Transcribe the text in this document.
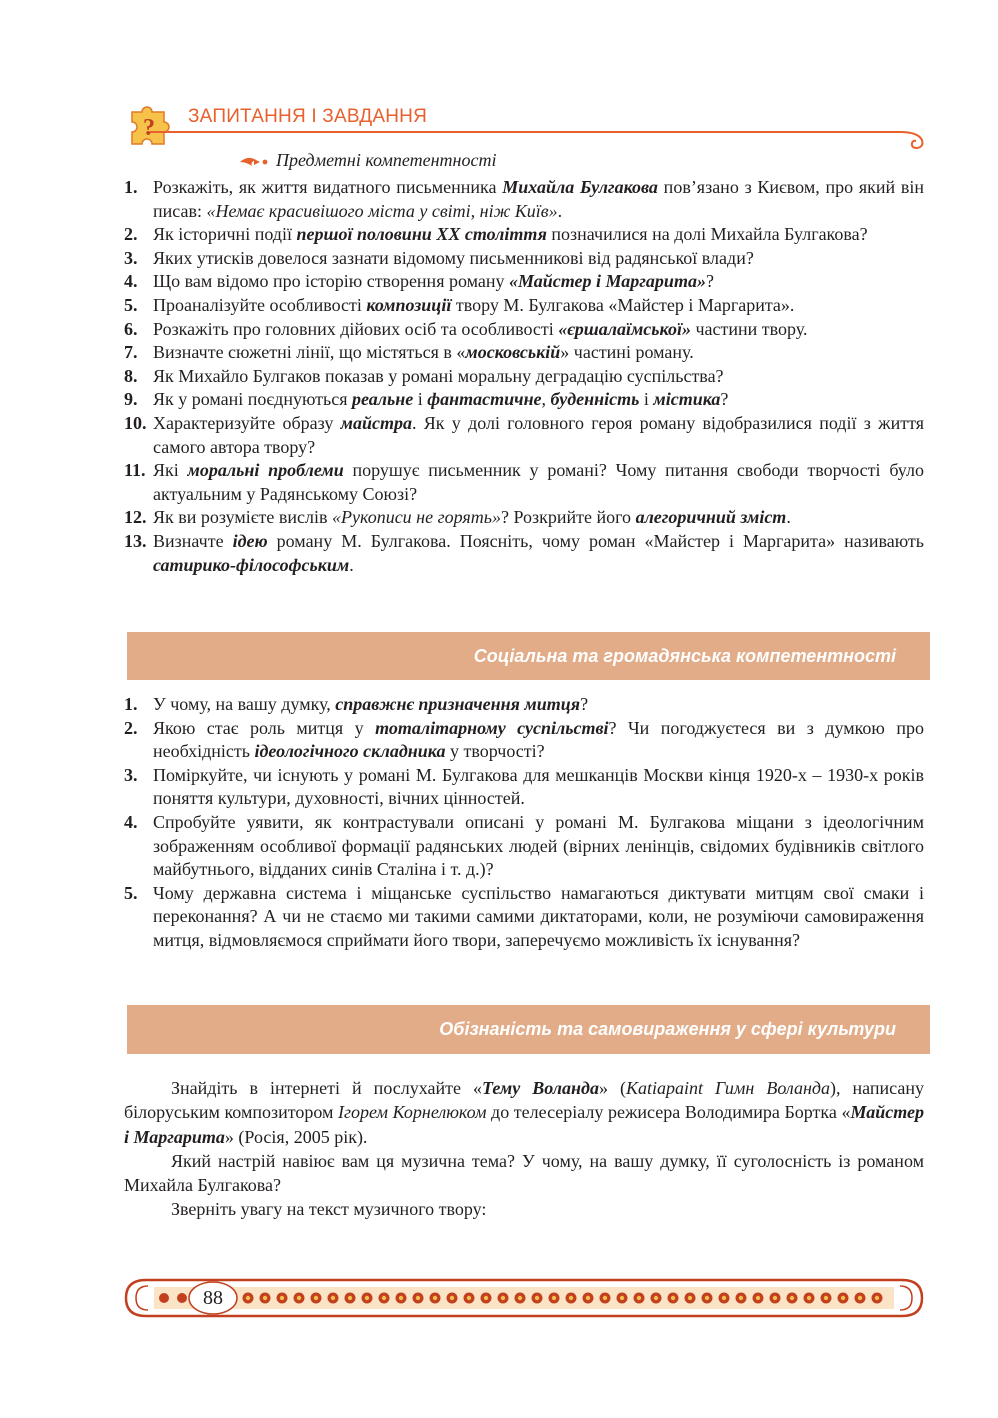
? ЗАПИТАННЯ І ЗАВДАННЯ
Предметні компетентності
1. Розкажіть, як життя видатного письменника Михайла Булгакова пов’язано з Києвом, про який він писав: «Немає красивішого міста у світі, ніж Київ».
2. Як історичні події першої половини ХХ століття позначилися на долі Михайла Булгакова?
3. Яких утисків довелося зазнати відомому письменникові від радянської влади?
4. Що вам відомо про історію створення роману «Майстер і Маргарита»?
5. Проаналізуйте особливості композиції твору М. Булгакова «Майстер і Маргарита».
6. Розкажіть про головних дійових осіб та особливості «єршалаїмської» частини твору.
7. Визначте сюжетні лінії, що містяться в «московській» частині роману.
8. Як Михайло Булгаков показав у романі моральну деградацію суспільства?
9. Як у романі поєднуються реальне і фантастичне, буденність і містика?
10. Характеризуйте образу майстра. Як у долі головного героя роману відобразилися події з життя самого автора твору?
11. Які моральні проблеми порушує письменник у романі? Чому питання свободи творчості було актуальним у Радянському Союзі?
12. Як ви розумієте вислів «Рукописи не горять»? Розкрийте його алегоричний зміст.
13. Визначте ідею роману М. Булгакова. Поясніть, чому роман «Майстер і Маргарита» називають сатирико-філософським.
Соціальна та громадянська компетентності
1. У чому, на вашу думку, справжнє призначення митця?
2. Якою стає роль митця у тоталітарному суспільстві? Чи погоджуєтеся ви з думкою про необхідність ідеологічного складника у творчості?
3. Поміркуйте, чи існують у романі М. Булгакова для мешканців Москви кінця 1920-х – 1930-х років поняття культури, духовності, вічних цінностей.
4. Спробуйте уявити, як контрастували описані у романі М. Булгакова міщани з ідеологічним зображенням особливої формації радянських людей (вірних ленінців, свідомих будівників світлого майбутнього, відданих синів Сталіна і т. д.)?
5. Чому державна система і міщанське суспільство намагаються диктувати митцям свої смаки і переконання? А чи не стаємо ми такими самими диктаторами, коли, не розуміючи самовираження митця, відмовляємося сприймати його твори, заперечуємо можливість їх існування?
Обізнаність та самовираження у сфері культури

Знайдіть в інтернеті й послухайте «Тему Воланда» (Katiapaint Гимн Воланда), написану білоруським композитором Ігорем Корнелюком до телесеріалу режисера Володимира Бортка «Майстер і Маргарита» (Росія, 2005 рік).

Який настрій навіює вам ця музична тема? У чому, на вашу думку, її суголосність із романом Михайла Булгакова?

Зверніть увагу на текст музичного твору:

88
